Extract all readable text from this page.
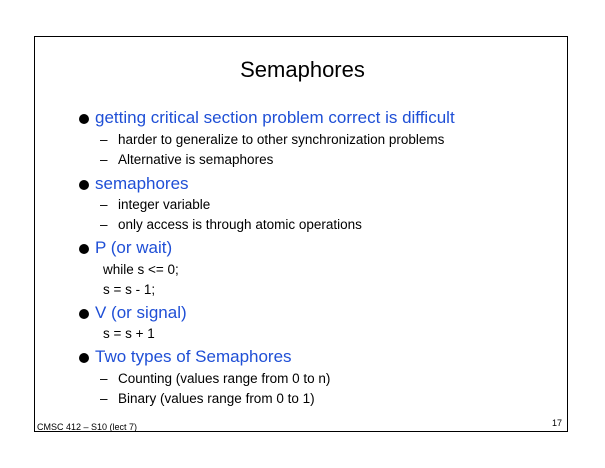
Semaphores
getting critical section problem correct is difficult
– harder to generalize to other synchronization problems
– Alternative is semaphores
semaphores
– integer variable
– only access is through atomic operations
P (or wait)
while s <= 0;
s = s - 1;
V (or signal)
s = s + 1
Two types of Semaphores
– Counting (values range from 0 to n)
– Binary (values range from 0 to 1)
CMSC 412 – S10 (lect 7)	17
